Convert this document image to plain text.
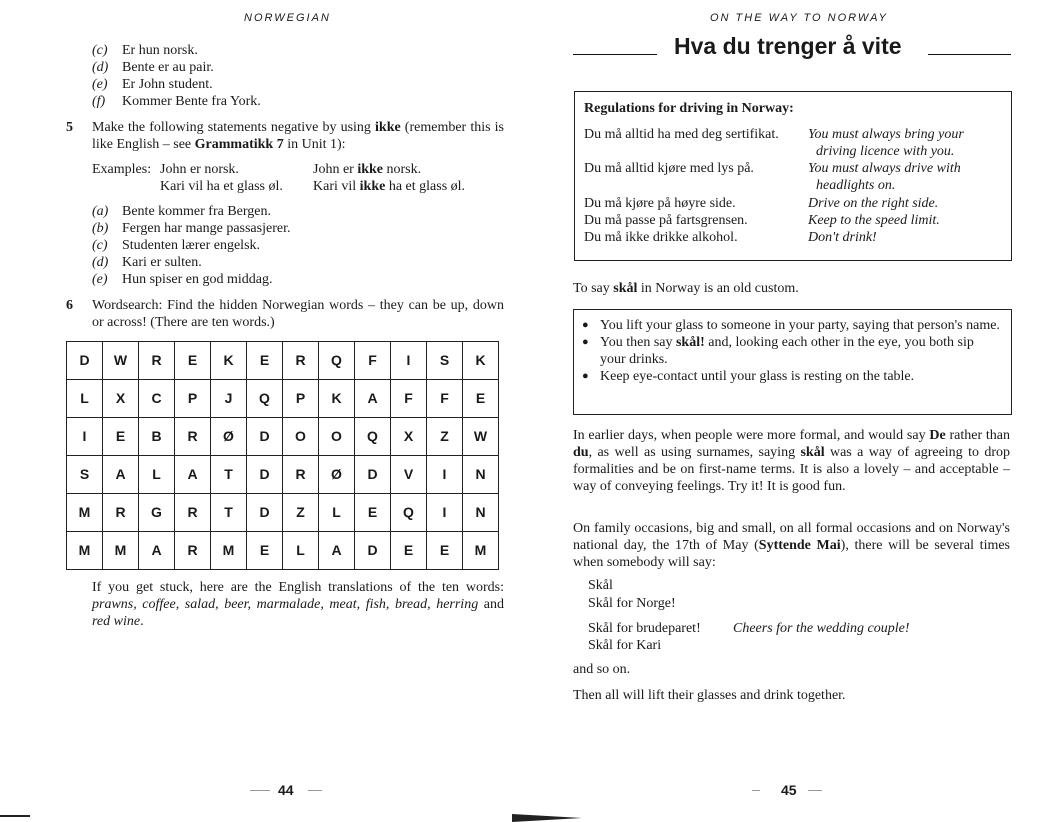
NORWEGIAN
(c) Er hun norsk.
(d) Bente er au pair.
(e) Er John student.
(f) Kommer Bente fra York.
5 Make the following statements negative by using ikke (remember this is like English – see Grammatikk 7 in Unit 1):
Examples: John er norsk.	John er ikke norsk.
Kari vil ha et glass øl. Kari vil ikke ha et glass øl.
(a) Bente kommer fra Bergen.
(b) Fergen har mange passasjerer.
(c) Studenten lærer engelsk.
(d) Kari er sulten.
(e) Hun spiser en god middag.
6 Wordsearch: Find the hidden Norwegian words – they can be up, down or across! (There are ten words.)
D	W	R	E	K	E	R	Q	F	I	S	K
L	X	C	P	J	Q	P	K	A	F	F	E
I	E	B	R	Ø	D	O	O	Q	X	Z	W
S	A	L	A	T	D	R	Ø	D	V	I	N
M	R	G	R	T	D	Z	L	E	Q	I	N
M	M	A	R	M	E	L	A	D	E	E	M
If you get stuck, here are the English translations of the ten words: prawns, coffee, salad, beer, marmalade, meat, fish, bread, herring and red wine.
44
ON THE WAY TO NORWAY
Hva du trenger å vite
Regulations for driving in Norway:
Du må alltid ha med deg sertifikat. You must always bring your driving licence with you.
Du må alltid kjøre med lys på.	You must always drive with headlights on.
Du må kjøre på høyre side.	Drive on the right side.
Du må passe på fartsgrensen.	Keep to the speed limit.
Du må ikke drikke alkohol.	Don't drink!
To say skål in Norway is an old custom.
● You lift your glass to someone in your party, saying that person's name.
● You then say skål! and, looking each other in the eye, you both sip your drinks.
● Keep eye-contact until your glass is resting on the table.
In earlier days, when people were more formal, and would say De rather than du, as well as using surnames, saying skål was a way of agreeing to drop formalities and be on first-name terms. It is also a lovely – and acceptable – way of conveying feelings. Try it! It is good fun.
On family occasions, big and small, on all formal occasions and on Norway's national day, the 17th of May (Syttende Mai), there will be several times when somebody will say:
Skål
Skål for Norge!
Skål for brudeparet! Cheers for the wedding couple!
Skål for Kari
and so on.
Then all will lift their glasses and drink together.
45
